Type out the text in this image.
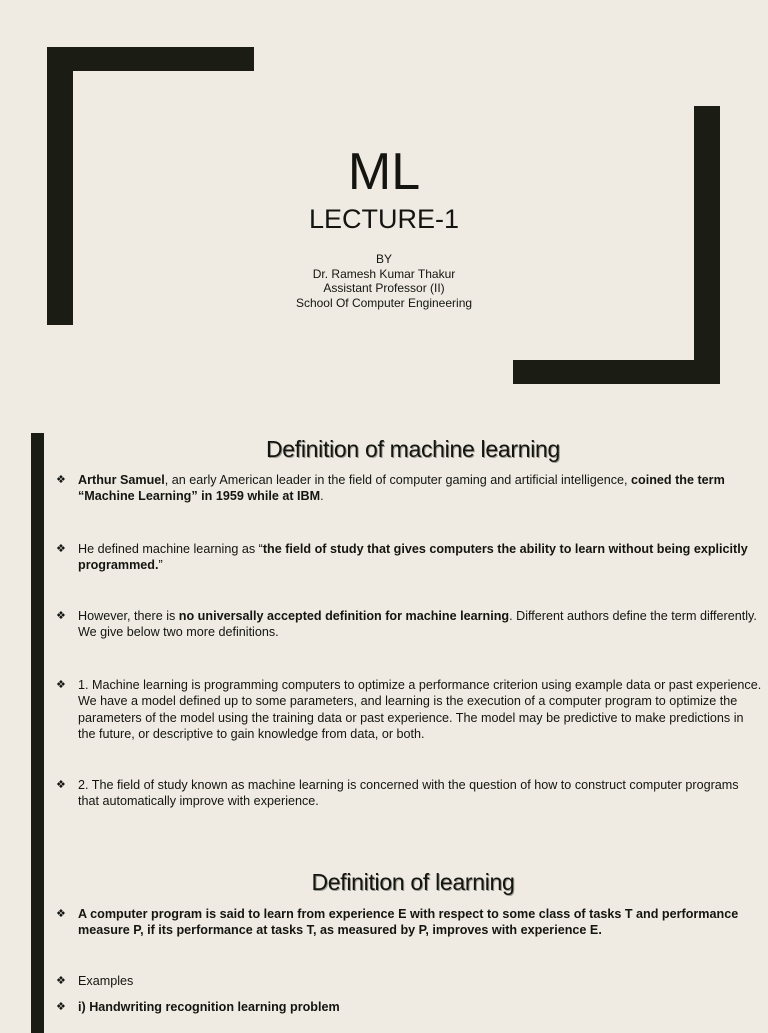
ML
LECTURE-1
BY
Dr. Ramesh Kumar Thakur
Assistant Professor (II)
School Of Computer Engineering
Definition of machine learning
❖ Arthur Samuel, an early American leader in the field of computer gaming and artificial intelligence, coined the term “Machine Learning” in 1959 while at IBM.
❖ He defined machine learning as “the field of study that gives computers the ability to learn without being explicitly programmed.”
❖ However, there is no universally accepted definition for machine learning. Different authors define the term differently. We give below two more definitions.
❖ 1. Machine learning is programming computers to optimize a performance criterion using example data or past experience. We have a model defined up to some parameters, and learning is the execution of a computer program to optimize the parameters of the model using the training data or past experience. The model may be predictive to make predictions in the future, or descriptive to gain knowledge from data, or both.
❖ 2. The field of study known as machine learning is concerned with the question of how to construct computer programs that automatically improve with experience.
Definition of learning
❖ A computer program is said to learn from experience E with respect to some class of tasks T and performance measure P, if its performance at tasks T, as measured by P, improves with experience E.
❖ Examples
❖ i) Handwriting recognition learning problem
